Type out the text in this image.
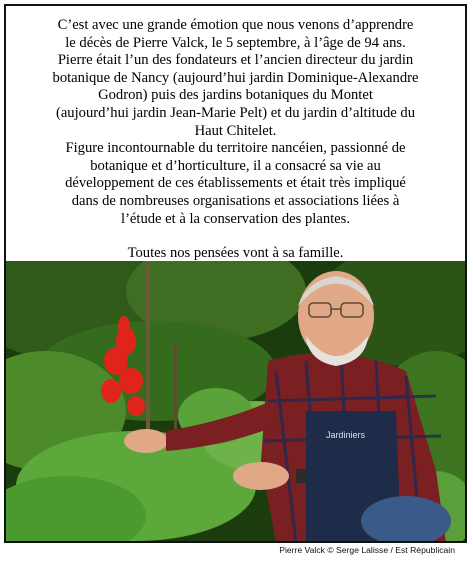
C’est avec une grande émotion que nous venons d’apprendre

le décès de Pierre Valck, le 5 septembre, à l’âge de 94 ans.

Pierre était l’un des fondateurs et l’ancien directeur du jardin

botanique de Nancy (aujourd’hui jardin Dominique-Alexandre

Godron) puis des jardins botaniques du Montet

(aujourd’hui jardin Jean-Marie Pelt) et du jardin d’altitude du

Haut Chitelet.

Figure incontournable du territoire nancéien, passionné de

botanique et d’horticulture, il a consacré sa vie au

développement de ces établissements et était très impliqué

dans de nombreuses organisations et associations liées à

l’étude et à la conservation des plantes.

Toutes nos pensées vont à sa famille.

Jardiniers
Pierre Valck © Serge Lalisse / Est Républicain
